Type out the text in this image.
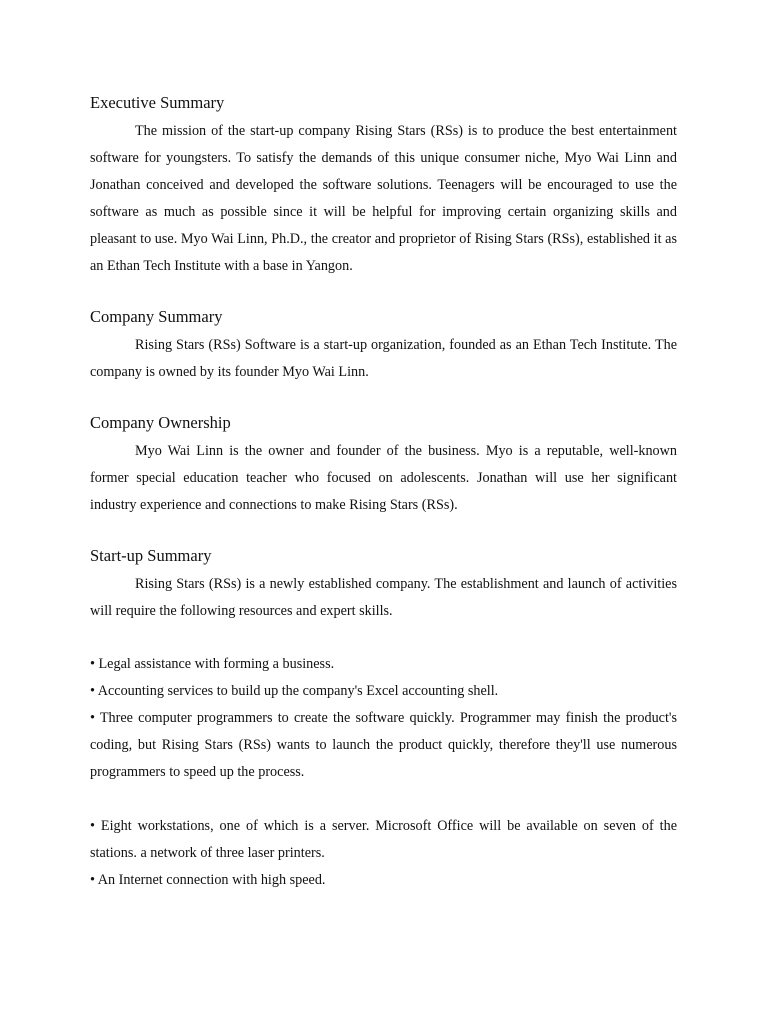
Executive Summary

The mission of the start-up company Rising Stars (RSs) is to produce the best entertainment software for youngsters. To satisfy the demands of this unique consumer niche, Myo Wai Linn and Jonathan conceived and developed the software solutions. Teenagers will be encouraged to use the software as much as possible since it will be helpful for improving certain organizing skills and pleasant to use. Myo Wai Linn, Ph.D., the creator and proprietor of Rising Stars (RSs), established it as an Ethan Tech Institute with a base in Yangon.

Company Summary

Rising Stars (RSs) Software is a start-up organization, founded as an Ethan Tech Institute. The company is owned by its founder Myo Wai Linn.

Company Ownership

Myo Wai Linn is the owner and founder of the business. Myo is a reputable, well-known former special education teacher who focused on adolescents. Jonathan will use her significant industry experience and connections to make Rising Stars (RSs).

Start-up Summary

Rising Stars (RSs) is a newly established company. The establishment and launch of activities will require the following resources and expert skills.

• Legal assistance with forming a business.

• Accounting services to build up the company's Excel accounting shell.

• Three computer programmers to create the software quickly. Programmer may finish the product's coding, but Rising Stars (RSs) wants to launch the product quickly, therefore they'll use numerous programmers to speed up the process.

• Eight workstations, one of which is a server. Microsoft Office will be available on seven of the stations. a network of three laser printers.

• An Internet connection with high speed.
